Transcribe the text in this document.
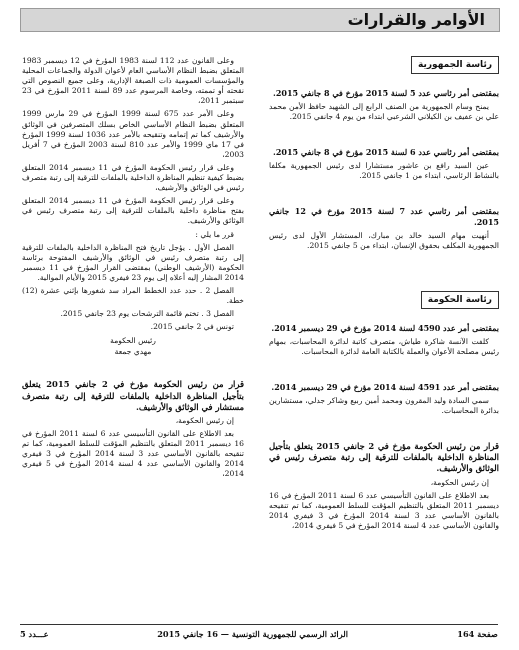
الأوامر والقرارات
رئاسة الجمهورية

بمقتضى أمر رئاسي عدد 5 لسنة 2015 مؤرخ في 8 جانفي 2015.

يمنح وسام الجمهورية من الصنف الرابع إلى الشهيد حافظ الأمن محمد علي بن عفيف بن الكيلاني الشرعبي ابتداء من يوم 4 جانفي 2015.

بمقتضى أمر رئاسي عدد 6 لسنة 2015 مؤرخ في 8 جانفي 2015.

عين السيد رافع بن عاشور مستشارا لدى رئيس الجمهورية مكلفا بالنشاط الرئاسي، ابتداء من 1 جانفي 2015.

بمقتضى أمر رئاسي عدد 7 لسنة 2015 مؤرخ في 12 جانفي 2015.

أنهيت مهام السيد خالد بن مبارك، المستشار الأول لدى رئيس الجمهورية المكلف بحقوق الإنسان، ابتداء من 5 جانفي 2015.

رئاسة الحكومة

بمقتضى أمر عدد 4590 لسنة 2014 مؤرخ في 29 ديسمبر 2014.

كلفت الآنسة شاكرة طياش، متصرف كاتبة لدائرة المحاسبات، بمهام رئيس مصلحة الأعوان والعملة بالكتابة العامة لدائرة المحاسبات.

بمقتضى أمر عدد 4591 لسنة 2014 مؤرخ في 29 ديسمبر 2014.

سمي السادة وليد المقرون ومحمد أمين ربيع وشاكر جدلي، مستشارين بدائرة المحاسبات.

قرار من رئيس الحكومة مؤرخ في 2 جانفي 2015 يتعلق بتأجيل المناظرة الداخلية بالملفات للترقية إلى رتبة متصرف رئيس في الوثائق والأرشيف.

إن رئيس الحكومة،

بعد الاطلاع على القانون التأسيسي عدد 6 لسنة 2011 المؤرخ في 16 ديسمبر 2011 المتعلق بالتنظيم المؤقت للسلط العمومية، كما تم تنقيحه بالقانون الأساسي عدد 3 لسنة 2014 المؤرخ في 3 فيفري 2014 والقانون الأساسي عدد 4 لسنة 2014 المؤرخ في 5 فيفري 2014،

وعلى القانون عدد 112 لسنة 1983 المؤرخ في 12 ديسمبر 1983 المتعلق بضبط النظام الأساسي العام لأعوان الدولة والجماعات المحلية والمؤسسات العمومية ذات الصبغة الإدارية، وعلى جميع النصوص التي نقحته أو تممته، وخاصة المرسوم عدد 89 لسنة 2011 المؤرخ في 23 سبتمبر 2011،

وعلى الأمر عدد 675 لسنة 1999 المؤرخ في 29 مارس 1999 المتعلق بضبط النظام الأساسي الخاص بسلك المتصرفين في الوثائق والأرشيف كما تم إتمامه وتنقيحه بالأمر عدد 1036 لسنة 1999 المؤرخ في 17 ماي 1999 والأمر عدد 810 لسنة 2003 المؤرخ في 7 أفريل 2003،

وعلى قرار رئيس الحكومة المؤرخ في 11 ديسمبر 2014 المتعلق بضبط كيفية تنظيم المناظرة الداخلية بالملفات للترقية إلى رتبة متصرف رئيس في الوثائق والأرشيف،

وعلى قرار رئيس الحكومة المؤرخ في 11 ديسمبر 2014 المتعلق بفتح مناظرة داخلية بالملفات للترقية إلى رتبة متصرف رئيس في الوثائق والأرشيف.

قرر ما يلي :

الفصل الأول . يؤجل تاريخ فتح المناظرة الداخلية بالملفات للترقية إلى رتبة متصرف رئيس في الوثائق والأرشيف المفتوحة برئاسة الحكومة (الأرشيف الوطني) بمقتضى القرار المؤرخ في 11 ديسمبر 2014 المشار إليه أعلاه إلى يوم 23 فيفري 2015 والأيام الموالية.

الفصل 2 . حدد عدد الخطط المراد سد شغورها بإثني عشرة (12) خطة.

الفصل 3 . تختم قائمة الترشحات يوم 23 جانفي 2015.

تونس في 2 جانفي 2015.

رئيس الحكومة
مهدي جمعة

قرار من رئيس الحكومة مؤرخ في 2 جانفي 2015 يتعلق بتأجيل المناظرة الداخلية بالملفات للترقية إلى رتبة متصرف مستشار في الوثائق والأرشيف.

إن رئيس الحكومة،

بعد الاطلاع على القانون التأسيسي عدد 6 لسنة 2011 المؤرخ في 16 ديسمبر 2011 المتعلق بالتنظيم المؤقت للسلط العمومية، كما تم تنقيحه بالقانون الأساسي عدد 3 لسنة 2014 المؤرخ في 3 فيفري 2014 والقانون الأساسي عدد 4 لسنة 2014 المؤرخ في 5 فيفري 2014،

صفحة 164
الرائد الرسمي للجمهورية التونسية — 16 جانفي 2015
عـــدد 5
